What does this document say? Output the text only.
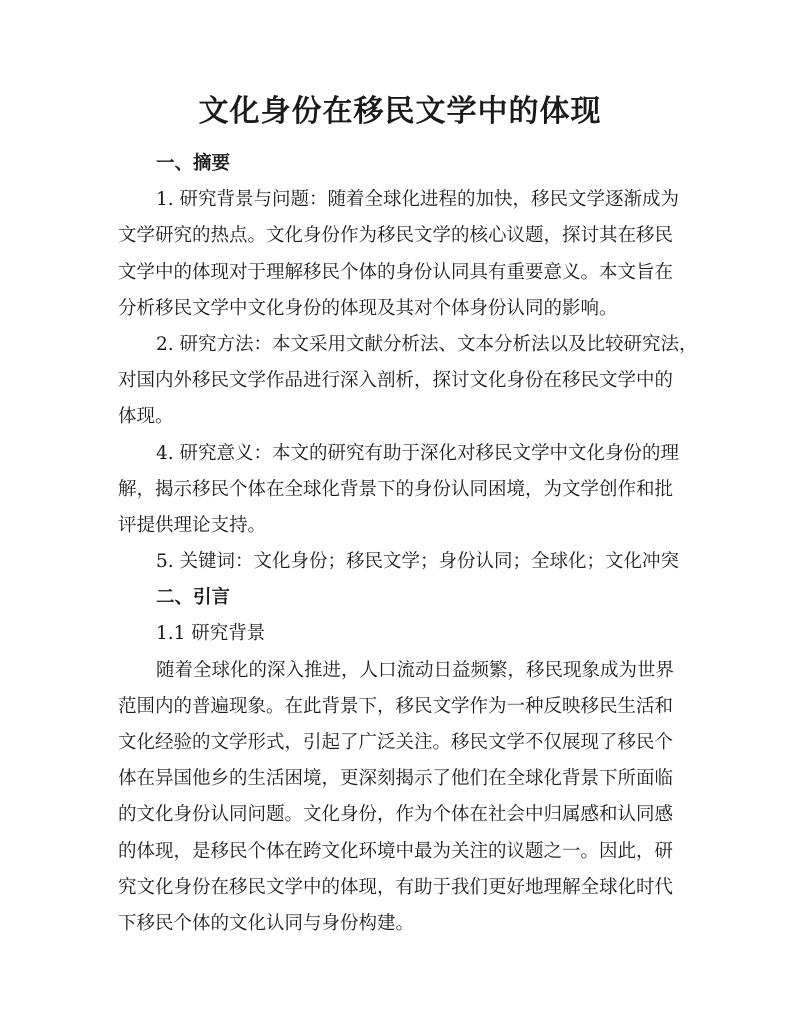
文化身份在移民文学中的体现
一、摘要
1. 研究背景与问题：随着全球化进程的加快，移民文学逐渐成为
文学研究的热点。文化身份作为移民文学的核心议题，探讨其在移民
文学中的体现对于理解移民个体的身份认同具有重要意义。本文旨在
分析移民文学中文化身份的体现及其对个体身份认同的影响。
2. 研究方法：本文采用文献分析法、文本分析法以及比较研究法，
对国内外移民文学作品进行深入剖析，探讨文化身份在移民文学中的
体现。
4. 研究意义：本文的研究有助于深化对移民文学中文化身份的理
解，揭示移民个体在全球化背景下的身份认同困境，为文学创作和批
评提供理论支持。
5. 关键词：文化身份；移民文学；身份认同；全球化；文化冲突
二、引言
1.1 研究背景
随着全球化的深入推进，人口流动日益频繁，移民现象成为世界
范围内的普遍现象。在此背景下，移民文学作为一种反映移民生活和
文化经验的文学形式，引起了广泛关注。移民文学不仅展现了移民个
体在异国他乡的生活困境，更深刻揭示了他们在全球化背景下所面临
的文化身份认同问题。文化身份，作为个体在社会中归属感和认同感
的体现，是移民个体在跨文化环境中最为关注的议题之一。因此，研
究文化身份在移民文学中的体现，有助于我们更好地理解全球化时代
下移民个体的文化认同与身份构建。
